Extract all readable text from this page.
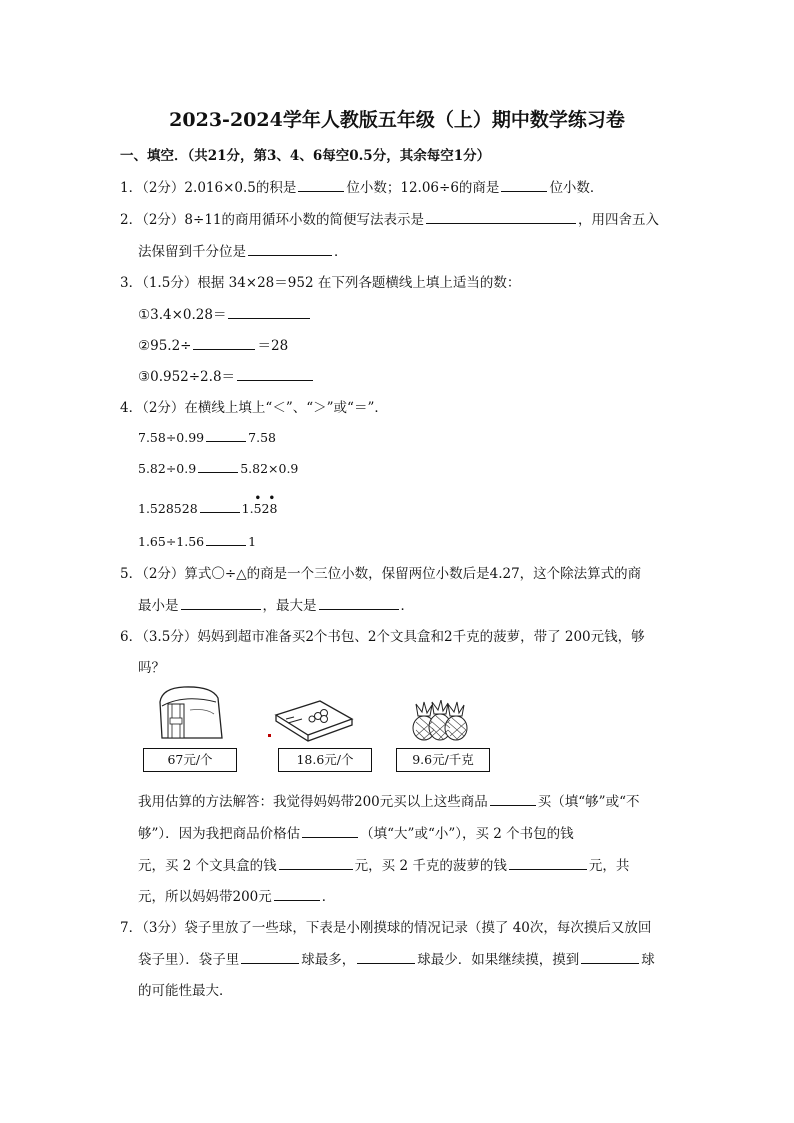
2023-2024学年人教版五年级（上）期中数学练习卷
一、填空．（共21分，第3、4、6每空0.5分，其余每空1分）
1．（2分）2.016×0.5的积是	位小数；12.06÷6的商是	位小数．
2．（2分）8÷11的商用循环小数的简便写法表示是	，用四舍五入
法保留到千分位是	．
3．（1.5分）根据 34×28＝952 在下列各题横线上填上适当的数：
①3.4×0.28＝
②95.2÷	＝28
③0.952÷2.8＝
4．（2分）在横线上填上“＜”、“＞”或“＝”．
7.58÷0.99	7.58
5.82÷0.9	5.82×0.9
1.528528	1.528
• •
1.65÷1.56	1
5．（2分）算式〇÷△的商是一个三位小数，保留两位小数后是4.27，这个除法算式的商
最小是	，最大是	．
6．（3.5分）妈妈到超市准备买2个书包、2个文具盒和2千克的菠萝，带了 200元钱，够
吗？
67元/个	18.6元/个	9.6元/千克
我用估算的方法解答：我觉得妈妈带200元买以上这些商品	买（填“够”或“不
够”）．因为我把商品价格估	（填“大”或“小”），买 2 个书包的钱
元，买 2 个文具盒的钱	元，买 2 千克的菠萝的钱	元，共
元，所以妈妈带200元	．
7．（3分）袋子里放了一些球，下表是小刚摸球的情况记录（摸了 40次，每次摸后又放回
袋子里）．袋子里	球最多，	球最少．如果继续摸，摸到	球
的可能性最大．
